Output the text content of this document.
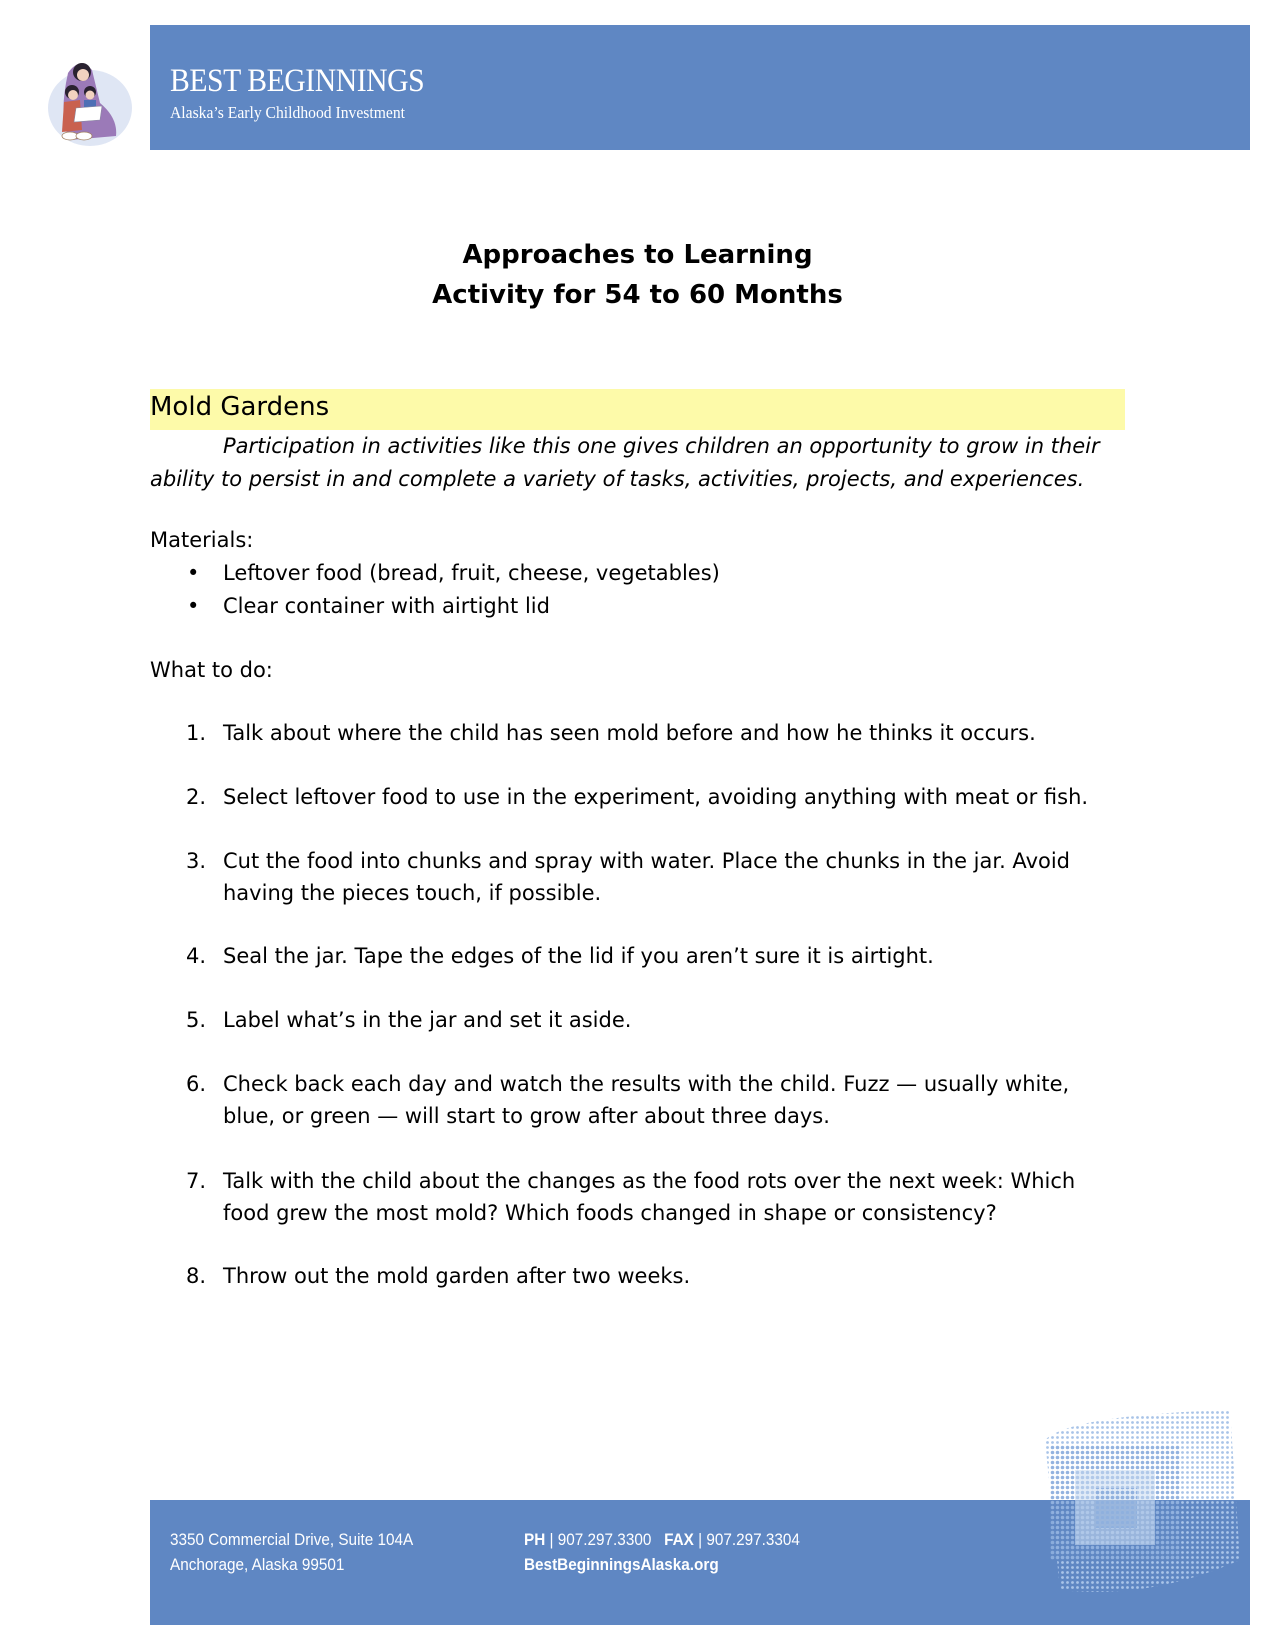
BEST BEGINNINGS
Alaska’s Early Childhood Investment
Approaches to Learning
Activity for 54 to 60 Months
Mold Gardens
Participation in activities like this one gives children an opportunity to grow in their
ability to persist in and complete a variety of tasks, activities, projects, and experiences.
Materials:
• Leftover food (bread, fruit, cheese, vegetables)
• Clear container with airtight lid
What to do:
1. Talk about where the child has seen mold before and how he thinks it occurs.
2. Select leftover food to use in the experiment, avoiding anything with meat or fish.
3. Cut the food into chunks and spray with water. Place the chunks in the jar. Avoid
having the pieces touch, if possible.
4. Seal the jar. Tape the edges of the lid if you aren’t sure it is airtight.
5. Label what’s in the jar and set it aside.
6. Check back each day and watch the results with the child. Fuzz — usually white,
blue, or green — will start to grow after about three days.
7. Talk with the child about the changes as the food rots over the next week: Which
food grew the most mold? Which foods changed in shape or consistency?
8. Throw out the mold garden after two weeks.
3350 Commercial Drive, Suite 104A
Anchorage, Alaska 99501
PH | 907.297.3300 FAX | 907.297.3304
BestBeginningsAlaska.org
